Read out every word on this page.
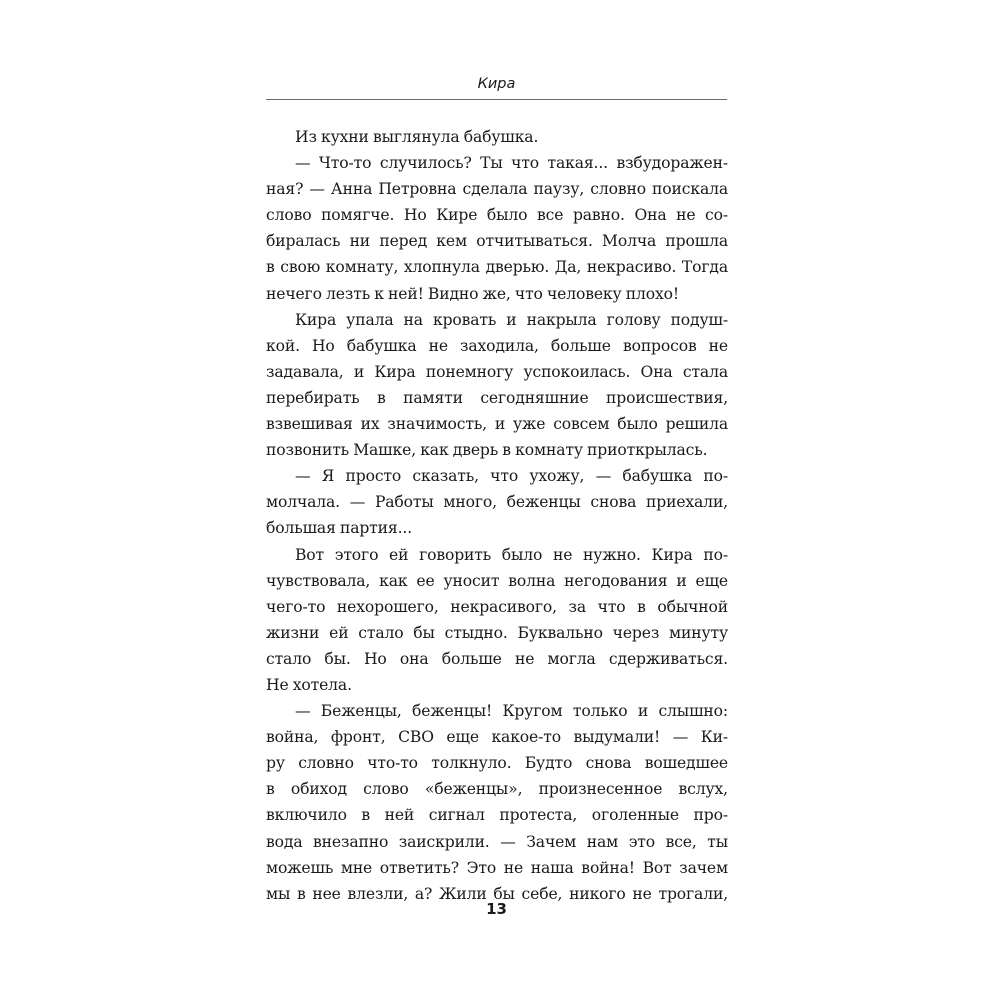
Кира
Из кухни выглянула бабушка.
— Что-то случилось? Ты что такая... взбудоражен-
ная? — Анна Петровна сделала паузу, словно поискала
слово помягче. Но Кире было все равно. Она не со-
биралась ни перед кем отчитываться. Молча прошла
в свою комнату, хлопнула дверью. Да, некрасиво. Тогда
нечего лезть к ней! Видно же, что человеку плохо!
Кира упала на кровать и накрыла голову подуш-
кой. Но бабушка не заходила, больше вопросов не
задавала, и Кира понемногу успокоилась. Она стала
перебирать в памяти сегодняшние происшествия,
взвешивая их значимость, и уже совсем было решила
позвонить Машке, как дверь в комнату приоткрылась.
— Я просто сказать, что ухожу, — бабушка по-
молчала. — Работы много, беженцы снова приехали,
большая партия...
Вот этого ей говорить было не нужно. Кира по-
чувствовала, как ее уносит волна негодования и еще
чего-то нехорошего, некрасивого, за что в обычной
жизни ей стало бы стыдно. Буквально через минуту
стало бы. Но она больше не могла сдерживаться.
Не хотела.
— Беженцы, беженцы! Кругом только и слышно:
война, фронт, СВО еще какое-то выдумали! — Ки-
ру словно что-то толкнуло. Будто снова вошедшее
в обиход слово «беженцы», произнесенное вслух,
включило в ней сигнал протеста, оголенные про-
вода внезапно заискрили. — Зачем нам это все, ты
можешь мне ответить? Это не наша война! Вот зачем
мы в нее влезли, а? Жили бы себе, никого не трогали,
13
